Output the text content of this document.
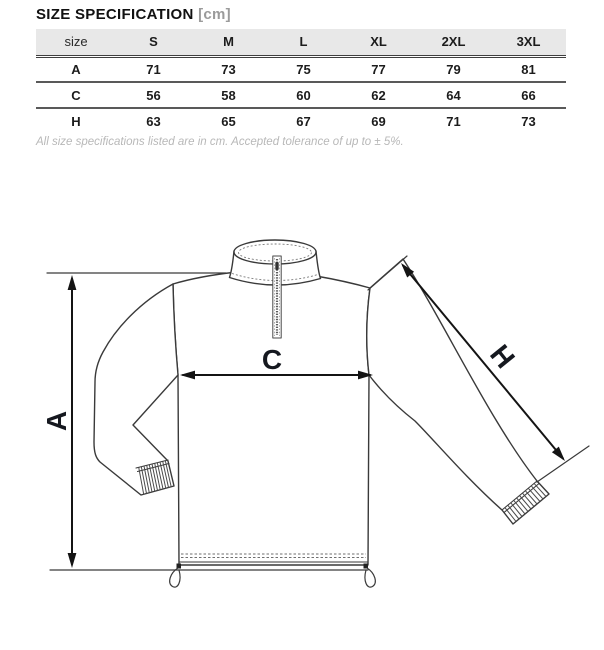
SIZE SPECIFICATION [cm]
size	S	M	L	XL	2XL	3XL
A	71	73	75	77	79	81
C	56	58	60	62	64	66
H	63	65	67	69	71	73
All size specifications listed are in cm. Accepted tolerance of up to ± 5%.
A
C	H
